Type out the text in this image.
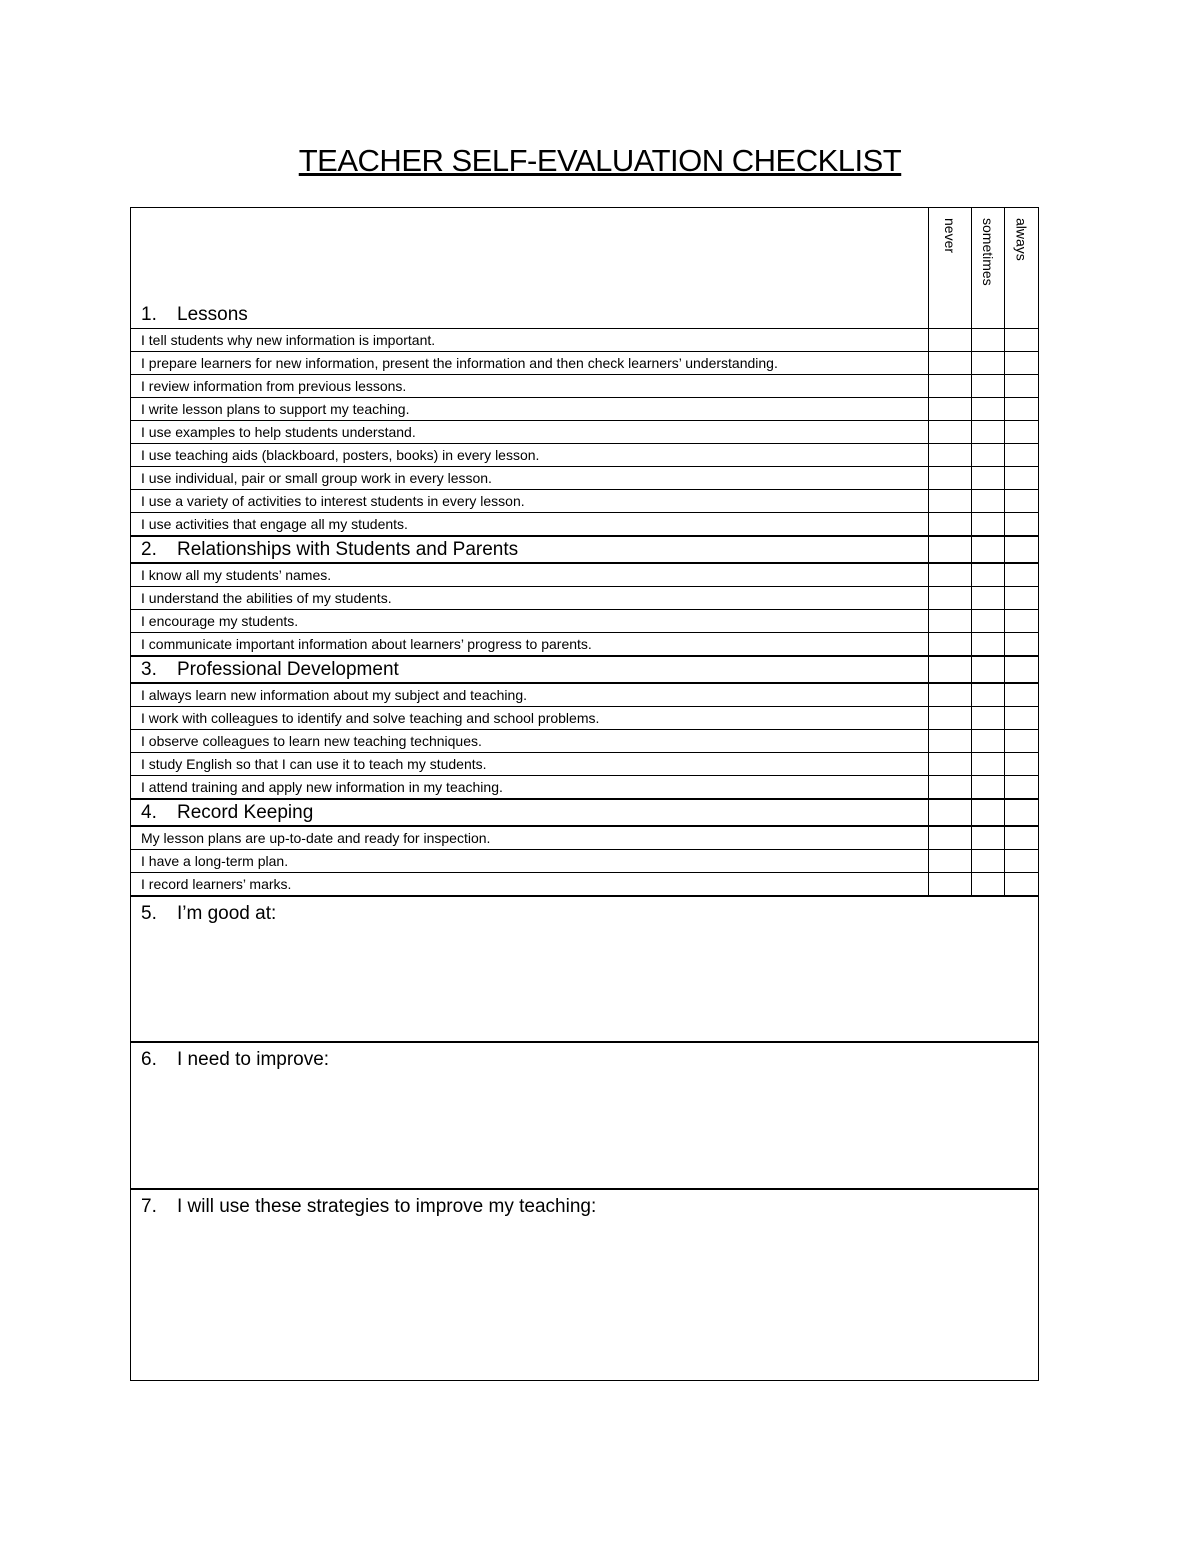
TEACHER SELF-EVALUATION CHECKLIST
1. Lessons	never	sometimes	always
I tell students why new information is important.			
I prepare learners for new information, present the information and then check learners’ understanding.			
I review information from previous lessons.			
I write lesson plans to support my teaching.			
I use examples to help students understand.			
I use teaching aids (blackboard, posters, books) in every lesson.			
I use individual, pair or small group work in every lesson.			
I use a variety of activities to interest students in every lesson.			
I use activities that engage all my students.			
2. Relationships with Students and Parents			
I know all my students’ names.			
I understand the abilities of my students.			
I encourage my students.			
I communicate important information about learners’ progress to parents.			
3. Professional Development			
I always learn new information about my subject and teaching.			
I work with colleagues to identify and solve teaching and school problems.			
I observe colleagues to learn new teaching techniques.			
I study English so that I can use it to teach my students.			
I attend training and apply new information in my teaching.			
4. Record Keeping			
My lesson plans are up-to-date and ready for inspection.			
I have a long-term plan.			
I record learners’ marks.			
5. I’m good at:			
6. I need to improve:			
7. I will use these strategies to improve my teaching:			
